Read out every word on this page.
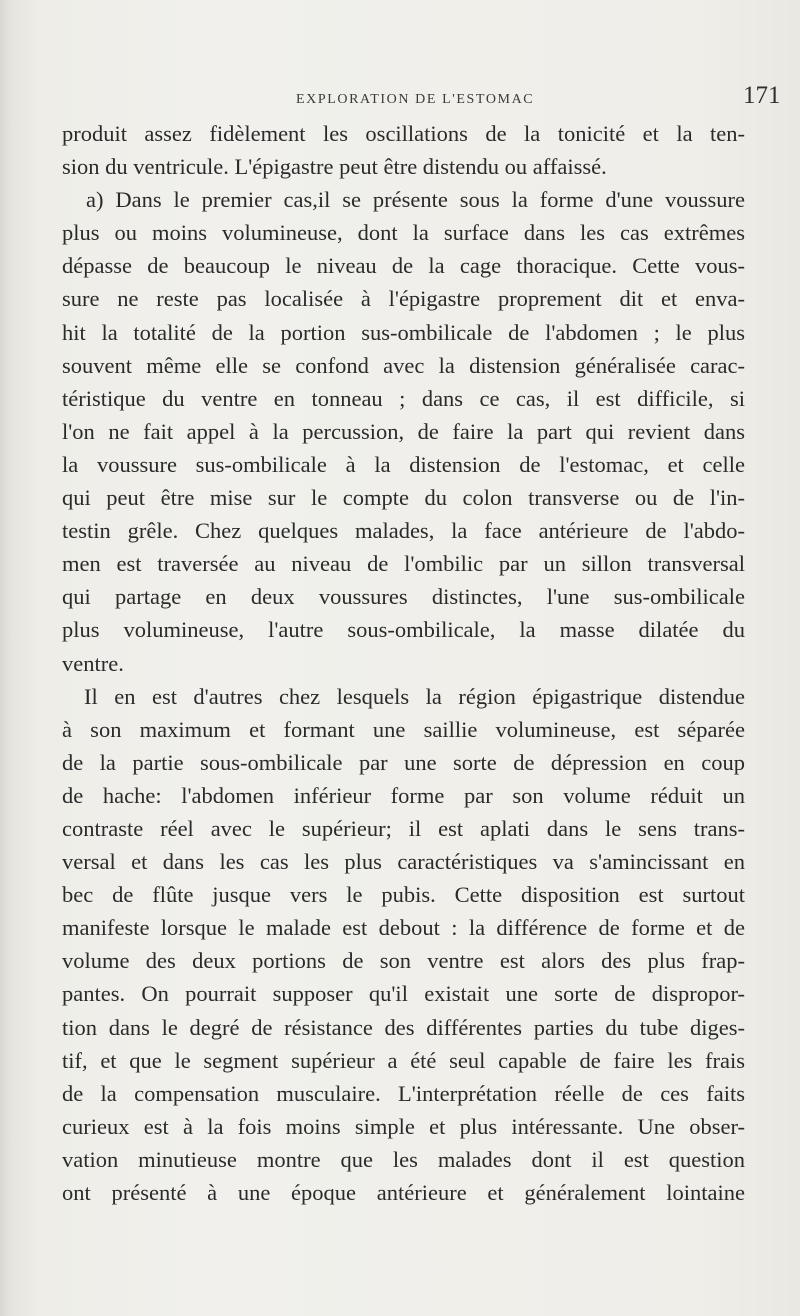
EXPLORATION DE L'ESTOMAC	171
produit assez fidèlement les oscillations de la tonicité et la ten-
sion du ventricule. L'épigastre peut être distendu ou affaissé.
a) Dans le premier cas,il se présente sous la forme d'une voussure
plus ou moins volumineuse, dont la surface dans les cas extrêmes
dépasse de beaucoup le niveau de la cage thoracique. Cette vous-
sure ne reste pas localisée à l'épigastre proprement dit et enva-
hit la totalité de la portion sus-ombilicale de l'abdomen ; le plus
souvent même elle se confond avec la distension généralisée carac-
téristique du ventre en tonneau ; dans ce cas, il est difficile, si
l'on ne fait appel à la percussion, de faire la part qui revient dans
la voussure sus-ombilicale à la distension de l'estomac, et celle
qui peut être mise sur le compte du colon transverse ou de l'in-
testin grêle. Chez quelques malades, la face antérieure de l'abdo-
men est traversée au niveau de l'ombilic par un sillon transversal
qui partage en deux voussures distinctes, l'une sus-ombilicale
plus volumineuse, l'autre sous-ombilicale, la masse dilatée du
ventre.
Il en est d'autres chez lesquels la région épigastrique distendue
à son maximum et formant une saillie volumineuse, est séparée
de la partie sous-ombilicale par une sorte de dépression en coup
de hache: l'abdomen inférieur forme par son volume réduit un
contraste réel avec le supérieur; il est aplati dans le sens trans-
versal et dans les cas les plus caractéristiques va s'amincissant en
bec de flûte jusque vers le pubis. Cette disposition est surtout
manifeste lorsque le malade est debout : la différence de forme et de
volume des deux portions de son ventre est alors des plus frap-
pantes. On pourrait supposer qu'il existait une sorte de dispropor-
tion dans le degré de résistance des différentes parties du tube diges-
tif, et que le segment supérieur a été seul capable de faire les frais
de la compensation musculaire. L'interprétation réelle de ces faits
curieux est à la fois moins simple et plus intéressante. Une obser-
vation minutieuse montre que les malades dont il est question
ont présenté à une époque antérieure et généralement lointaine
